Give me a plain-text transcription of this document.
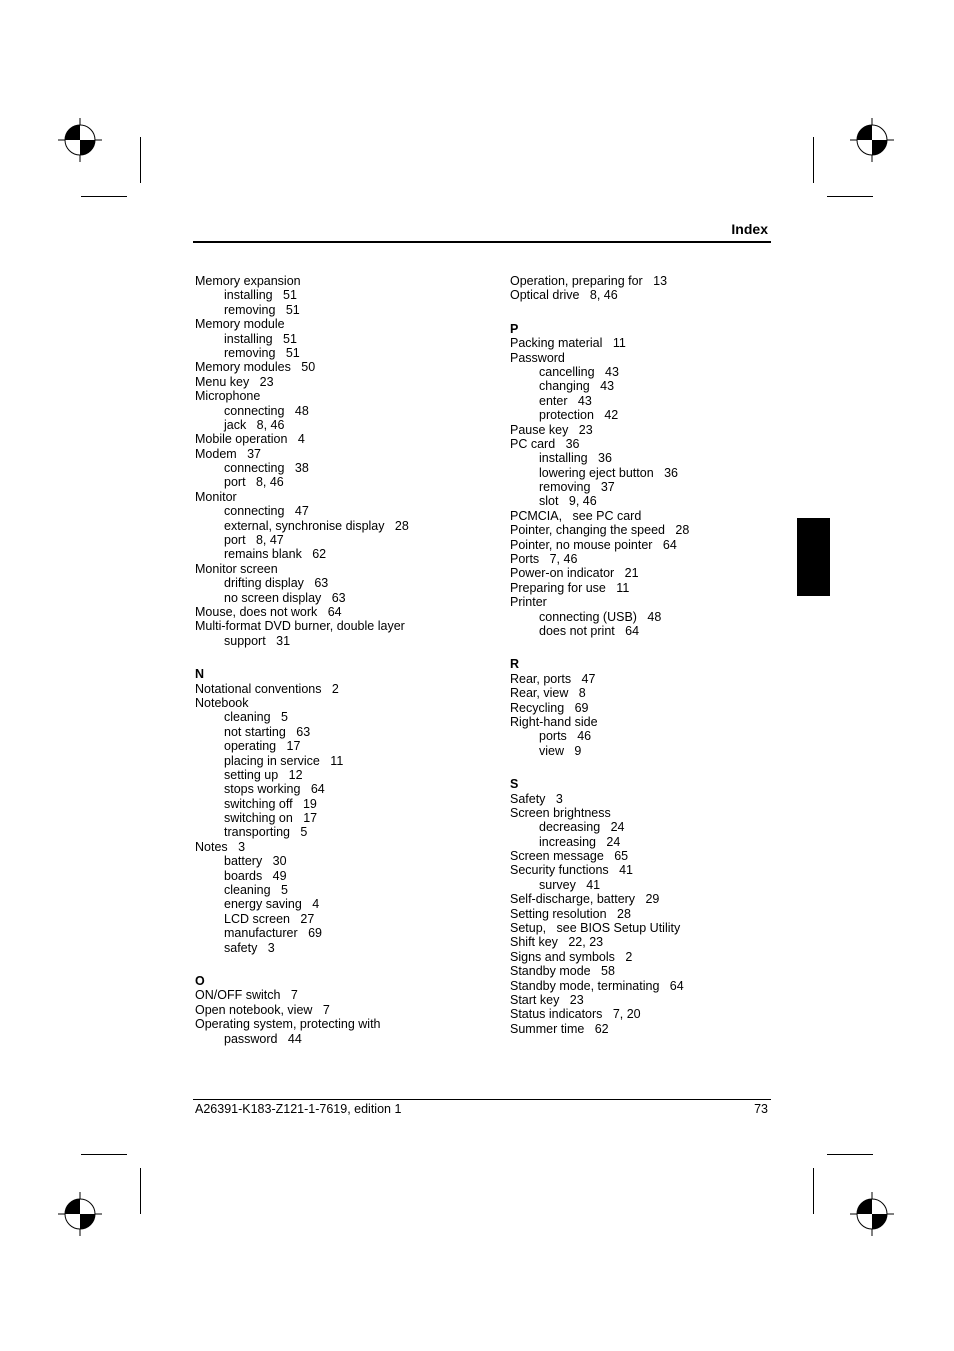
Index
Memory expansion
installing   51
removing   51
Memory module
installing   51
removing   51
Memory modules   50
Menu key   23
Microphone
connecting   48
jack   8, 46
Mobile operation   4
Modem   37
connecting   38
port   8, 46
Monitor
connecting   47
external, synchronise display   28
port   8, 47
remains blank   62
Monitor screen
drifting display   63
no screen display   63
Mouse, does not work   64
Multi-format DVD burner, double layer
support   31
N
Notational conventions   2
Notebook
cleaning   5
not starting   63
operating   17
placing in service   11
setting up   12
stops working   64
switching off   19
switching on   17
transporting   5
Notes   3
battery   30
boards   49
cleaning   5
energy saving   4
LCD screen   27
manufacturer   69
safety   3
O
ON/OFF switch   7
Open notebook, view   7
Operating system, protecting with
password   44
Operation, preparing for   13
Optical drive   8, 46
P
Packing material   11
Password
cancelling   43
changing   43
enter   43
protection   42
Pause key   23
PC card   36
installing   36
lowering eject button   36
removing   37
slot   9, 46
PCMCIA,   see PC card
Pointer, changing the speed   28
Pointer, no mouse pointer   64
Ports   7, 46
Power-on indicator   21
Preparing for use   11
Printer
connecting (USB)   48
does not print   64
R
Rear, ports   47
Rear, view   8
Recycling   69
Right-hand side
ports   46
view   9
S
Safety   3
Screen brightness
decreasing   24
increasing   24
Screen message   65
Security functions   41
survey   41
Self-discharge, battery   29
Setting resolution   28
Setup,   see BIOS Setup Utility
Shift key   22, 23
Signs and symbols   2
Standby mode   58
Standby mode, terminating   64
Start key   23
Status indicators   7, 20
Summer time   62
A26391-K183-Z121-1-7619, edition 1	73
